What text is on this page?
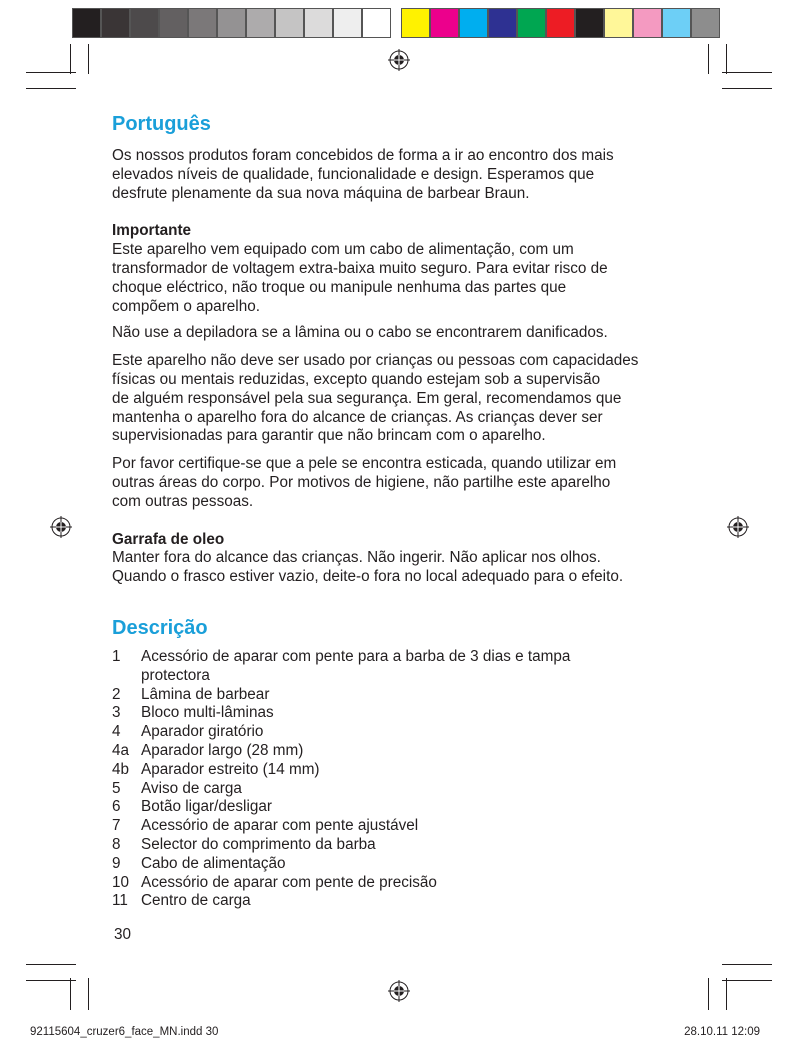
Português

Os nossos produtos foram concebidos de forma a ir ao encontro dos mais
elevados níveis de qualidade, funcionalidade e design. Esperamos que
desfrute plenamente da sua nova máquina de barbear Braun.

Importante

Este aparelho vem equipado com um cabo de alimentação, com um
transformador de voltagem extra-baixa muito seguro. Para evitar risco de
choque eléctrico, não troque ou manipule nenhuma das partes que
compõem o aparelho.

Não use a depiladora se a lâmina ou o cabo se encontrarem danificados.

Este aparelho não deve ser usado por crianças ou pessoas com capacidades
físicas ou mentais reduzidas, excepto quando estejam sob a supervisão
de alguém responsável pela sua segurança. Em geral, recomendamos que
mantenha o aparelho fora do alcance de crianças. As crianças dever ser
supervisionadas para garantir que não brincam com o aparelho.

Por favor certifique-se que a pele se encontra esticada, quando utilizar em
outras áreas do corpo. Por motivos de higiene, não partilhe este aparelho
com outras pessoas.

Garrafa de oleo

Manter fora do alcance das crianças. Não ingerir. Não aplicar nos olhos.
Quando o frasco estiver vazio, deite-o fora no local adequado para o efeito.

Descrição
1	Acessório de aparar com pente para a barba de 3 dias e tampa
protectora
2	Lâmina de barbear
3	Bloco multi-lâminas
4	Aparador giratório
4a Aparador largo (28 mm)
4b Aparador estreito (14 mm)
5	Aviso de carga
6	Botão ligar/desligar
7	Acessório de aparar com pente ajustável
8	Selector do comprimento da barba
9	Cabo de alimentação
10 Acessório de aparar com pente de precisão
11 Centro de carga
30
92115604_cruzer6_face_MN.indd 30	28.10.11 12:09
